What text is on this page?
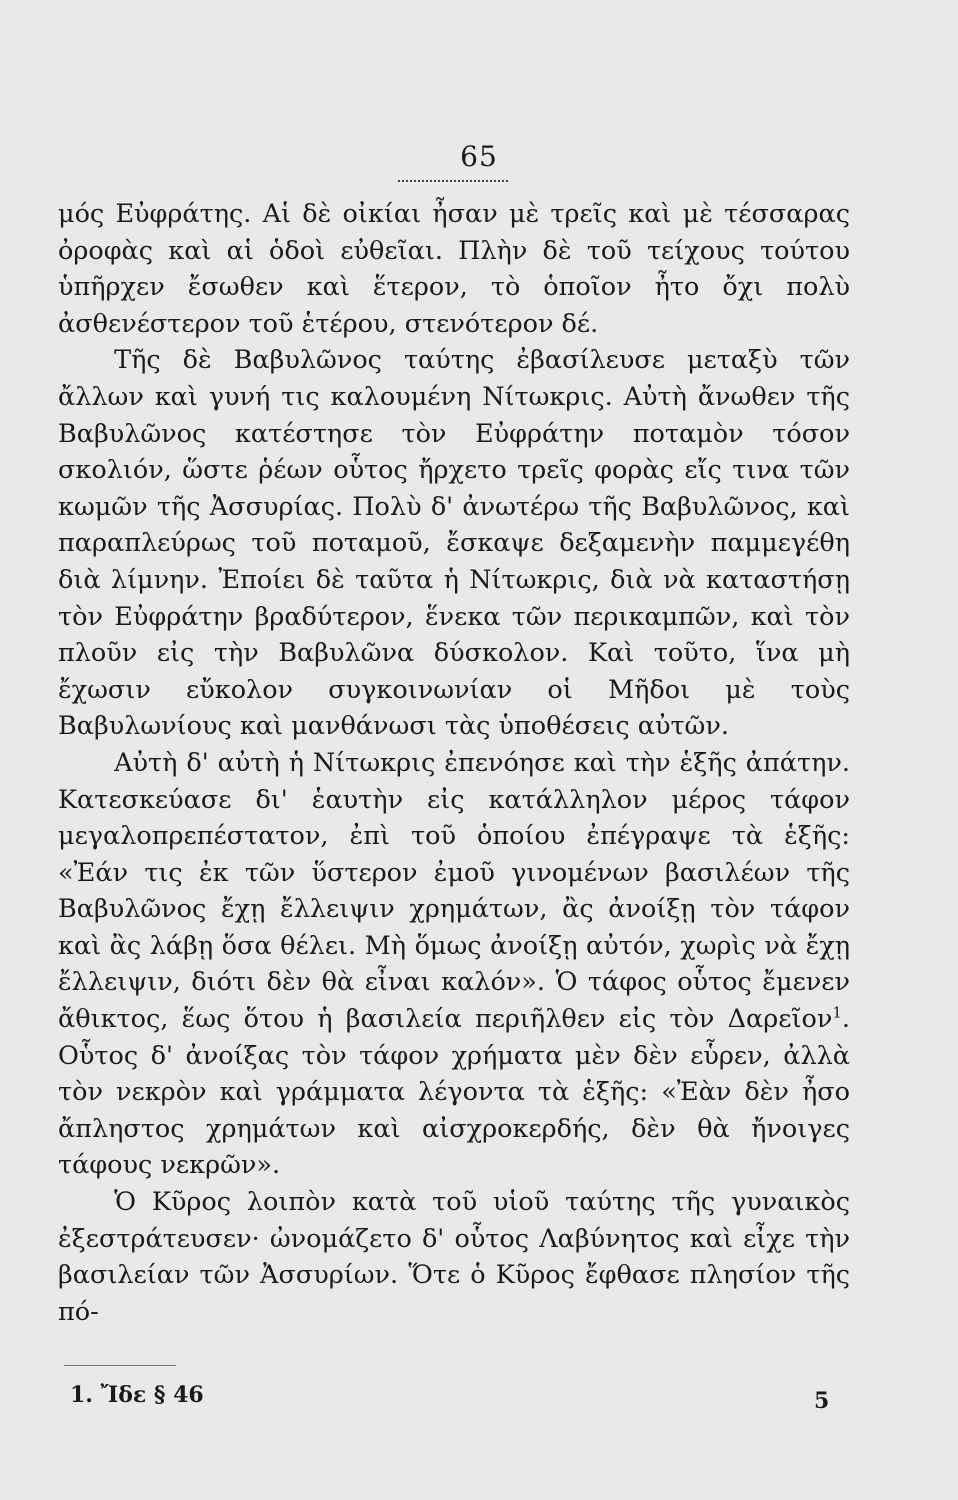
65

μός Εὐφράτης. Αἱ δὲ οἰκίαι ἦσαν μὲ τρεῖς καὶ μὲ τέσσαρας ὀροφὰς καὶ αἱ ὁδοὶ εὐθεῖαι. Πλὴν δὲ τοῦ τείχους τούτου ὑπῆρχεν ἔσωθεν καὶ ἕτερον, τὸ ὁποῖον ἦτο ὄχι πολὺ ἀσθενέστερον τοῦ ἑτέρου, στενότερον δέ.

Τῆς δὲ Βαβυλῶνος ταύτης ἐβασίλευσε μεταξὺ τῶν ἄλλων καὶ γυνή τις καλουμένη Νίτωκρις. Αὐτὴ ἄνωθεν τῆς Βαβυλῶνος κατέστησε τὸν Εὐφράτην ποταμὸν τόσον σκολιόν, ὥστε ῥέων οὗτος ἤρχετο τρεῖς φορὰς εἴς τινα τῶν κωμῶν τῆς Ἀσσυρίας. Πολὺ δ' ἀνωτέρω τῆς Βαβυλῶνος, καὶ παραπλεύρως τοῦ ποταμοῦ, ἔσκαψε δεξαμενὴν παμμεγέθη διὰ λίμνην. Ἐποίει δὲ ταῦτα ἡ Νίτωκρις, διὰ νὰ καταστήσῃ τὸν Εὐφράτην βραδύτερον, ἕνεκα τῶν περικαμπῶν, καὶ τὸν πλοῦν εἰς τὴν Βαβυλῶνα δύσκολον. Καὶ τοῦτο, ἵνα μὴ ἔχωσιν εὔκολον συγκοινωνίαν οἱ Μῆδοι μὲ τοὺς Βαβυλωνίους καὶ μανθάνωσι τὰς ὑποθέσεις αὐτῶν.

Αὐτὴ δ' αὐτὴ ἡ Νίτωκρις ἐπενόησε καὶ τὴν ἑξῆς ἀπάτην. Κατεσκεύασε δι' ἑαυτὴν εἰς κατάλληλον μέρος τάφον μεγαλοπρεπέστατον, ἐπὶ τοῦ ὁποίου ἐπέγραψε τὰ ἑξῆς: «Ἐάν τις ἐκ τῶν ὕστερον ἐμοῦ γινομένων βασιλέων τῆς Βαβυλῶνος ἔχῃ ἔλλειψιν χρημάτων, ἂς ἀνοίξῃ τὸν τάφον καὶ ἂς λάβῃ ὅσα θέλει. Μὴ ὅμως ἀνοίξῃ αὐτόν, χωρὶς νὰ ἔχῃ ἔλλειψιν, διότι δὲν θὰ εἶναι καλόν». Ὁ τάφος οὗτος ἔμενεν ἄθικτος, ἕως ὅτου ἡ βασιλεία περιῆλθεν εἰς τὸν Δαρεῖον$^1$. Οὗτος δ' ἀνοίξας τὸν τάφον χρήματα μὲν δὲν εὗρεν, ἀλλὰ τὸν νεκρὸν καὶ γράμματα λέγοντα τὰ ἑξῆς: «Ἐὰν δὲν ἦσο ἄπληστος χρημάτων καὶ αἰσχροκερδής, δὲν θὰ ἤνοιγες τάφους νεκρῶν».

Ὁ Κῦρος λοιπὸν κατὰ τοῦ υἱοῦ ταύτης τῆς γυναικὸς ἐξεστράτευσεν· ὠνομάζετο δ' οὗτος Λαβύνητος καὶ εἶχε τὴν βασιλείαν τῶν Ἀσσυρίων. Ὅτε ὁ Κῦρος ἔφθασε πλησίον τῆς πό-

1. Ἴδε § 46	5
